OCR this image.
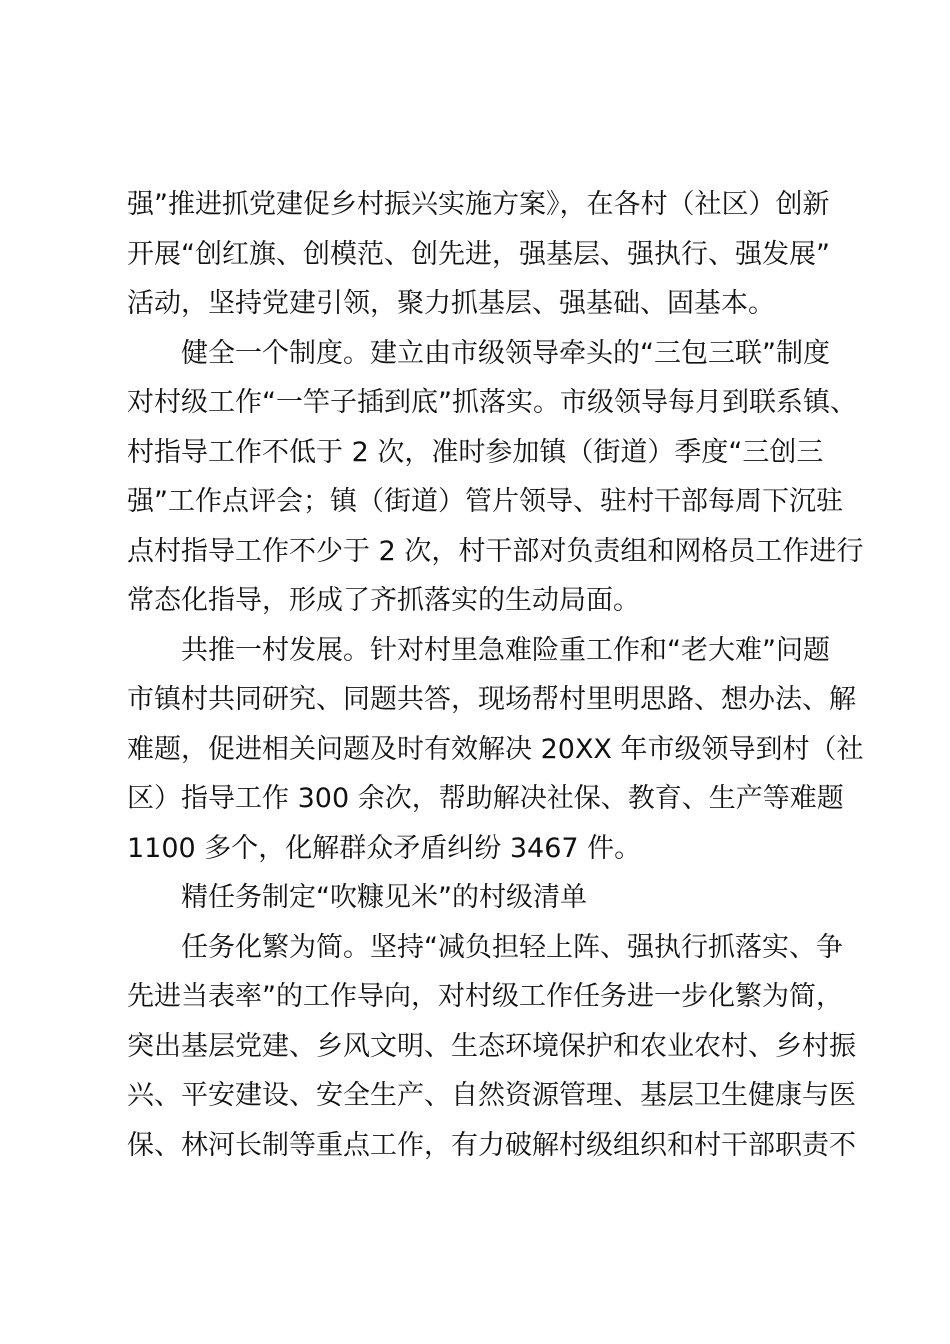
强”推进抓党建促乡村振兴实施方案》，在各村（社区）创新
开展“创红旗、创模范、创先进，强基层、强执行、强发展”
活动，坚持党建引领，聚力抓基层、强基础、固基本。
健全一个制度。建立由市级领导牵头的“三包三联”制度
对村级工作“一竿子插到底”抓落实。市级领导每月到联系镇、
村指导工作不低于 2 次，准时参加镇（街道）季度“三创三
强”工作点评会；镇（街道）管片领导、驻村干部每周下沉驻
点村指导工作不少于 2 次，村干部对负责组和网格员工作进行
常态化指导，形成了齐抓落实的生动局面。
共推一村发展。针对村里急难险重工作和“老大难”问题
市镇村共同研究、同题共答，现场帮村里明思路、想办法、解
难题，促进相关问题及时有效解决 20XX 年市级领导到村（社
区）指导工作 300 余次，帮助解决社保、教育、生产等难题
1100 多个，化解群众矛盾纠纷 3467 件。
精任务制定“吹糠见米”的村级清单
任务化繁为简。坚持“减负担轻上阵、强执行抓落实、争
先进当表率”的工作导向，对村级工作任务进一步化繁为简，
突出基层党建、乡风文明、生态环境保护和农业农村、乡村振
兴、平安建设、安全生产、自然资源管理、基层卫生健康与医
保、林河长制等重点工作，有力破解村级组织和村干部职责不
